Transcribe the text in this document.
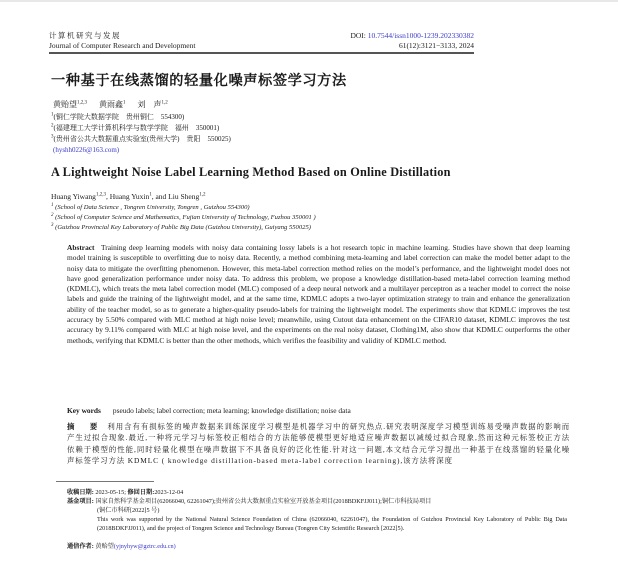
计算机研究与发展
Journal of Computer Research and Development
DOI: 10.7544/issn1000-1239.202330382
61(12):3121−3133, 2024
一种基于在线蒸馏的轻量化噪声标签学习方法
黄贻望$^{1,2,3}$ 黄雨鑫$^1$ 刘　声$^{1,2}$
$^1$(铜仁学院大数据学院　贵州铜仁　554300)
$^2$(福建理工大学计算机科学与数学学院　福州　350001)
$^3$(贵州省公共大数据重点实验室(贵州大学)　贵阳　550025)
(hyshh0226@163.com)
A Lightweight Noise Label Learning Method Based on Online Distillation
Huang Yiwang$^{1,2,3}$, Huang Yuxin$^1$, and Liu Sheng$^{1,2}$
$^1$ (School of Data Science , Tongren University, Tongren , Guizhou 554300)
$^2$ (School of Computer Science and Mathematics, Fujian University of Technology, Fuzhou 350001 )
$^3$ (Guizhou Provincial Key Laboratory of Public Big Data (Guizhou University), Guiyang 550025)
Abstract Training deep learning models with noisy data containing lossy labels is a hot research topic in machine learning. Studies have shown that deep learning model training is susceptible to overfitting due to noisy data. Recently, a method combining meta-learning and label correction can make the model better adapt to the noisy data to mitigate the overfitting phenomenon. However, this meta-label correction method relies on the model’s performance, and the lightweight model does not have good generalization performance under noisy data. To address this problem, we propose a knowledge distillation-based meta-label correction learning method (KDMLC), which treats the meta label correction model (MLC) composed of a deep neural network and a multilayer perceptron as a teacher model to correct the noise labels and guide the training of the lightweight model, and at the same time, KDMLC adopts a two-layer optimization strategy to train and enhance the generalization ability of the teacher model, so as to generate a higher-quality pseudo-labels for training the lightweight model. The experiments show that KDMLC improves the test accuracy by 5.50% compared with MLC method at high noise level; meanwhile, using Cutout data enhancement on the CIFAR10 dataset, KDMLC improves the test accuracy by 9.11% compared with MLC at high noise level, and the experiments on the real noisy dataset, Clothing1M, also show that KDMLC outperforms the other methods, verifying that KDMLC is better than the other methods, which verifies the feasibility and validity of KDMLC method.
Key words pseudo labels; label correction; meta learning; knowledge distillation; noise data
摘　要 利用含有有损标签的噪声数据来训练深度学习模型是机器学习中的研究热点.研究表明深度学习模型训练易受噪声数据的影响而产生过拟合现象.最近,一种将元学习与标签校正相结合的方法能够使模型更好地适应噪声数据以减缓过拟合现象,然而这种元标签校正方法依赖于模型的性能,同时轻量化模型在噪声数据下不具备良好的泛化性能.针对这一问题,本文结合元学习提出一种基于在线蒸馏的轻量化噪声标签学习方法 KDMLC ( knowledge distillation-based meta-label correction learning),该方法将深度
收稿日期: 2023-05-15; 修回日期:2023-12-04
基金项目: 国家自然科学基金项目(62066040, 62261047);贵州省公共大数据重点实验室开放基金项目(2018BDKFJJ011);铜仁市科技局项目
(铜仁市科研[2022]5 号)
This work was supported by the National Natural Science Foundation of China (62066040, 62261047), the Foundation of Guizhou Provincial Key Laboratory of Public Big Data (2018BDKFJJ011), and the project of Tongren Science and Technology Bureau (Tongren City Scientific Research [2022]5).
通信作者: 黄贻望(yjnyhyw@gztrc.edu.cn)
